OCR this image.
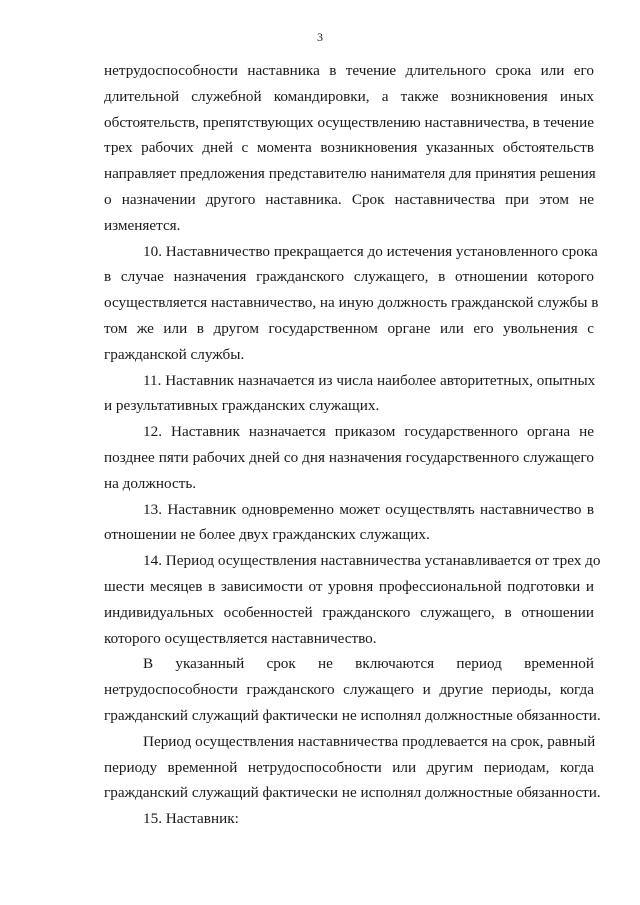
3
нетрудоспособности наставника в течение длительного срока или его
длительной служебной командировки, а также возникновения иных
обстоятельств, препятствующих осуществлению наставничества, в течение
трех рабочих дней с момента возникновения указанных обстоятельств
направляет предложения представителю нанимателя для принятия решения
о назначении другого наставника. Срок наставничества при этом не
изменяется.
10. Наставничество прекращается до истечения установленного срока
в случае назначения гражданского служащего, в отношении которого
осуществляется наставничество, на иную должность гражданской службы в
том же или в другом государственном органе или его увольнения с
гражданской службы.
11. Наставник назначается из числа наиболее авторитетных, опытных
и результативных гражданских служащих.
12. Наставник назначается приказом государственного органа не
позднее пяти рабочих дней со дня назначения государственного служащего
на должность.
13. Наставник одновременно может осуществлять наставничество в
отношении не более двух гражданских служащих.
14. Период осуществления наставничества устанавливается от трех до
шести месяцев в зависимости от уровня профессиональной подготовки и
индивидуальных особенностей гражданского служащего, в отношении
которого осуществляется наставничество.
В указанный срок не включаются период временной
нетрудоспособности гражданского служащего и другие периоды, когда
гражданский служащий фактически не исполнял должностные обязанности.
Период осуществления наставничества продлевается на срок, равный
периоду временной нетрудоспособности или другим периодам, когда
гражданский служащий фактически не исполнял должностные обязанности.
15. Наставник:
